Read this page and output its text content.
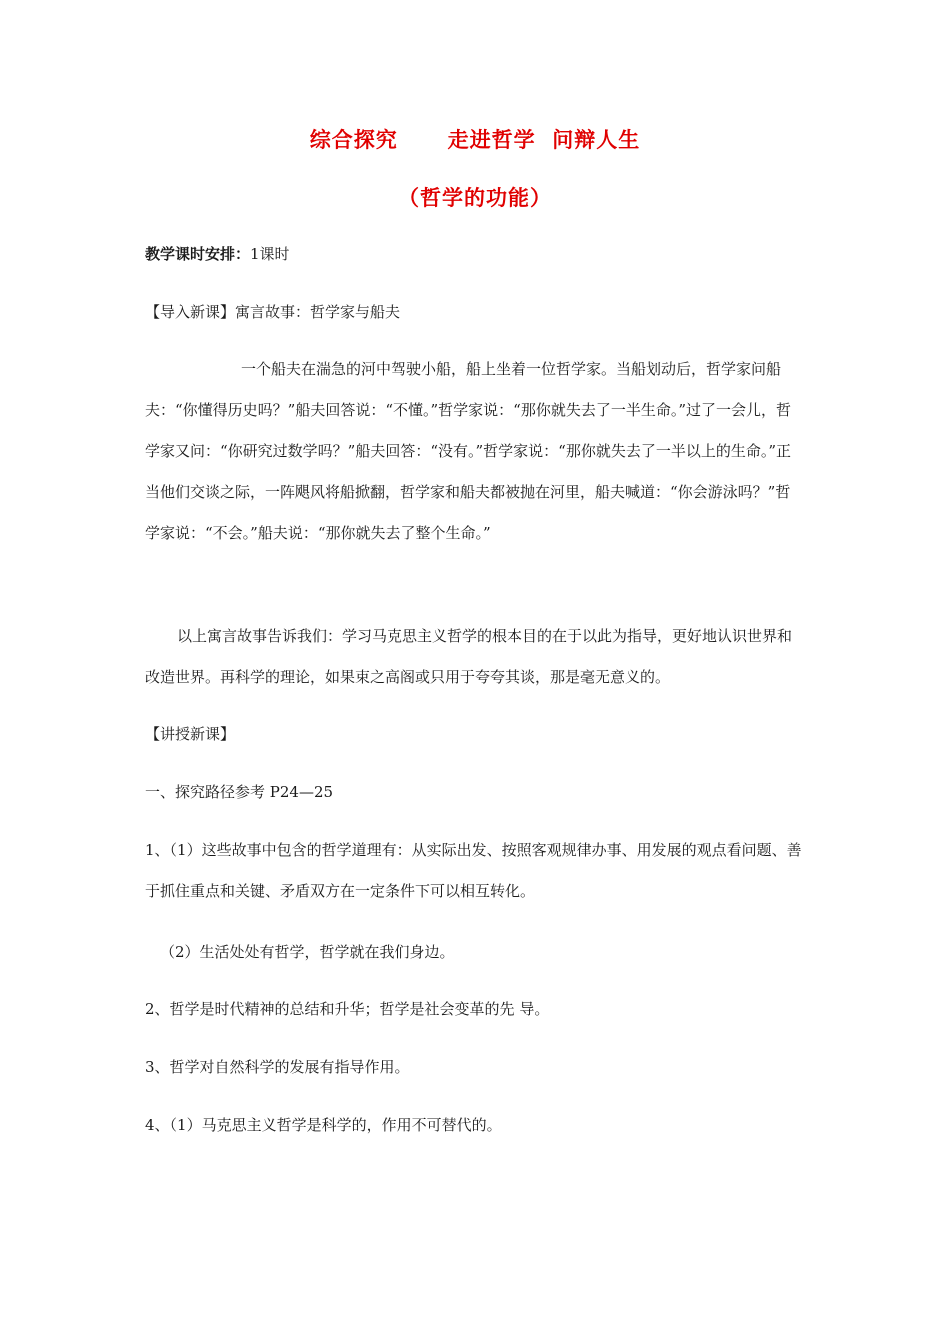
综合探究      走进哲学  问辩人生
（哲学的功能）
教学课时安排：1课时
【导入新课】寓言故事：哲学家与船夫
一个船夫在湍急的河中驾驶小船，船上坐着一位哲学家。当船划动后，哲学家问船夫：“你懂得历史吗？”船夫回答说：“不懂。”哲学家说：“那你就失去了一半生命。”过了一会儿，哲学家又问：“你研究过数学吗？”船夫回答：“没有。”哲学家说：“那你就失去了一半以上的生命。”正当他们交谈之际，一阵飓风将船掀翻，哲学家和船夫都被抛在河里，船夫喊道：“你会游泳吗？”哲学家说：“不会。”船夫说：“那你就失去了整个生命。”
以上寓言故事告诉我们：学习马克思主义哲学的根本目的在于以此为指导，更好地认识世界和改造世界。再科学的理论，如果束之高阁或只用于夸夸其谈，那是毫无意义的。
【讲授新课】
一、探究路径参考 P24—25
1、（1）这些故事中包含的哲学道理有：从实际出发、按照客观规律办事、用发展的观点看问题、善于抓住重点和关键、矛盾双方在一定条件下可以相互转化。
（2）生活处处有哲学，哲学就在我们身边。
2、哲学是时代精神的总结和升华；哲学是社会变革的先 导。
3、哲学对自然科学的发展有指导作用。
4、（1）马克思主义哲学是科学的，作用不可替代的。
